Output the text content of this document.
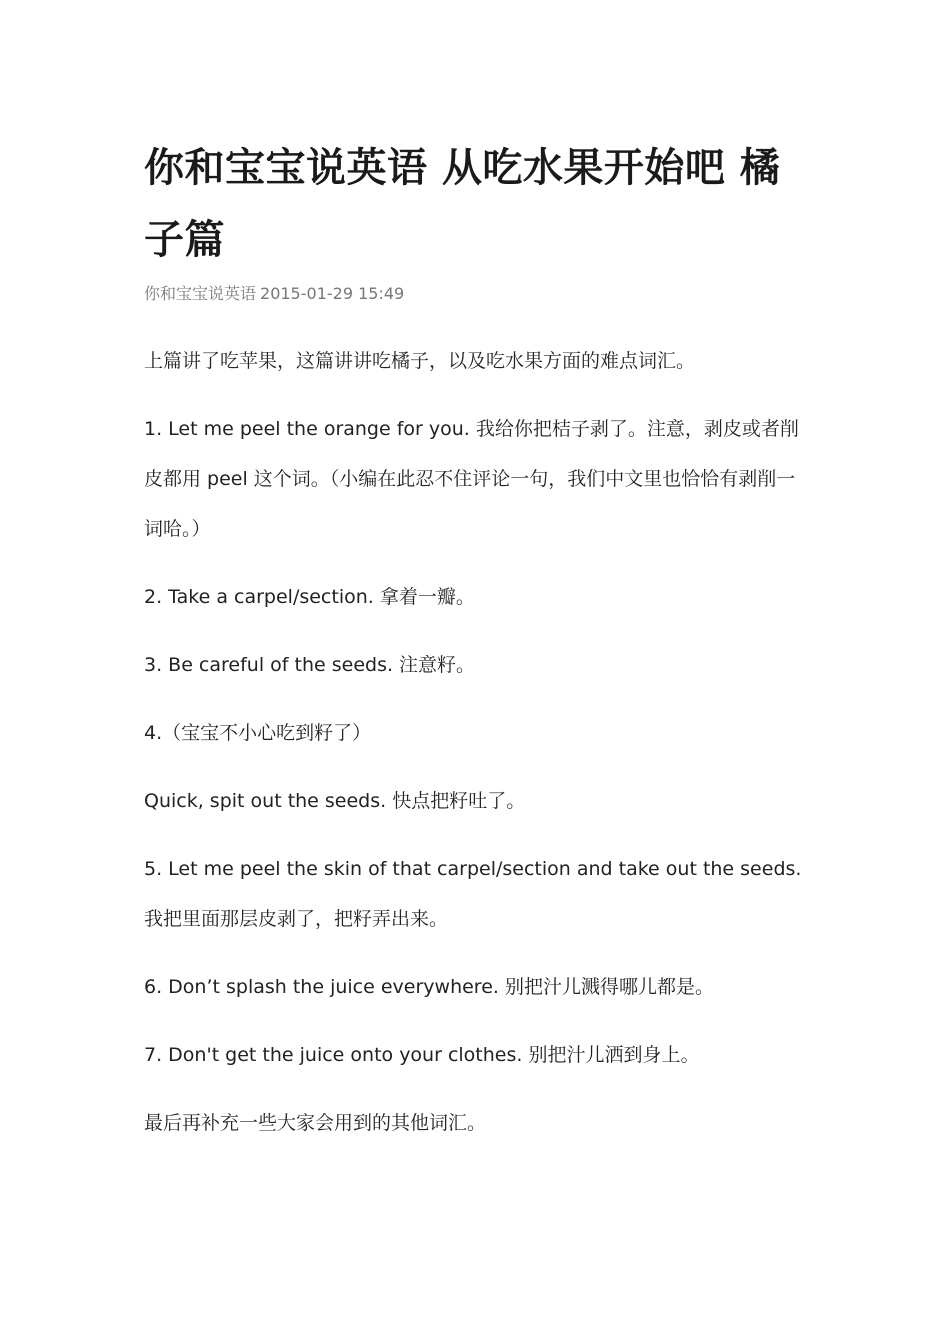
你和宝宝说英语 从吃水果开始吧 橘子篇
你和宝宝说英语 2015-01-29 15:49

上篇讲了吃苹果，这篇讲讲吃橘子，以及吃水果方面的难点词汇。

1. Let me peel the orange for you. 我给你把桔子剥了。注意，剥皮或者削皮都用 peel 这个词。（小编在此忍不住评论一句，我们中文里也恰恰有剥削一词哈。）

2. Take a carpel/section. 拿着一瓣。

3. Be careful of the seeds. 注意籽。

4.（宝宝不小心吃到籽了）

Quick, spit out the seeds. 快点把籽吐了。

5. Let me peel the skin of that carpel/section and take out the seeds. 我把里面那层皮剥了，把籽弄出来。

6. Don’t splash the juice everywhere. 别把汁儿溅得哪儿都是。

7. Don't get the juice onto your clothes. 别把汁儿洒到身上。

最后再补充一些大家会用到的其他词汇。
